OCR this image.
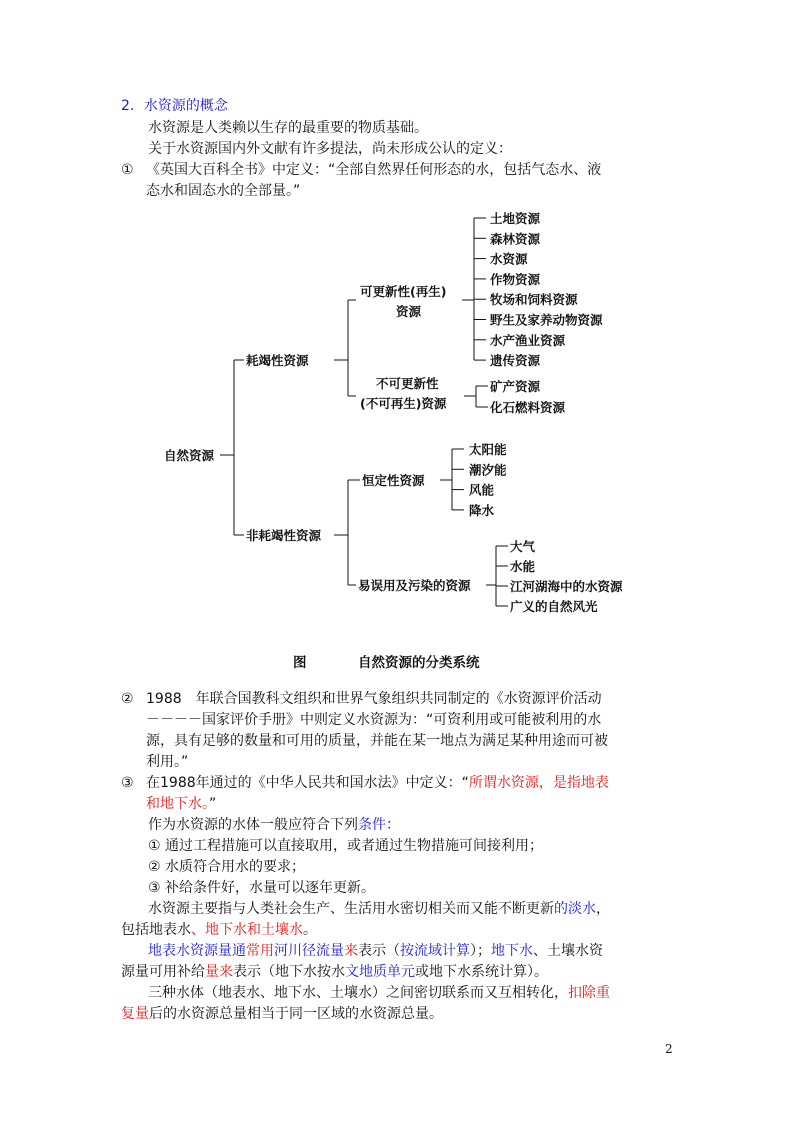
2．水资源的概念
水资源是人类赖以生存的最重要的物质基础。
关于水资源国内外文献有许多提法，尚未形成公认的定义：
① 《英国大百科全书》中定义：“全部自然界任何形态的水，包括气态水、液
态水和固态水的全部量。”
自然资源
耗竭性资源
可更新性(再生)
资源
土地资源
森林资源
水资源
作物资源
牧场和饲料资源
野生及家养动物资源
水产渔业资源
遗传资源
不可更新性
(不可再生)资源
矿产资源
化石燃料资源
非耗竭性资源
恒定性资源
太阳能
潮汐能
风能
降水
易误用及污染的资源
大气
水能
江河湖海中的水资源
广义的自然风光
图	自然资源的分类系统
② 1988　年联合国教科文组织和世界气象组织共同制定的《水资源评价活动
－－－－国家评价手册》中则定义水资源为：“可资利用或可能被利用的水
源，具有足够的数量和可用的质量，并能在某一地点为满足某种用途而可被
利用。”
③ 在1988年通过的《中华人民共和国水法》中定义：“所谓水资源，是指地表
和地下水。”
作为水资源的水体一般应符合下列条件：
① 通过工程措施可以直接取用，或者通过生物措施可间接利用；
② 水质符合用水的要求；
③ 补给条件好，水量可以逐年更新。
水资源主要指与人类社会生产、生活用水密切相关而又能不断更新的淡水，
包括地表水、地下水和土壤水。
地表水资源量通常用河川径流量来表示（按流域计算）；地下水、土壤水资
源量可用补给量来表示（地下水按水文地质单元或地下水系统计算）。
三种水体（地表水、地下水、土壤水）之间密切联系而又互相转化，扣除重
复量后的水资源总量相当于同一区域的水资源总量。
2
